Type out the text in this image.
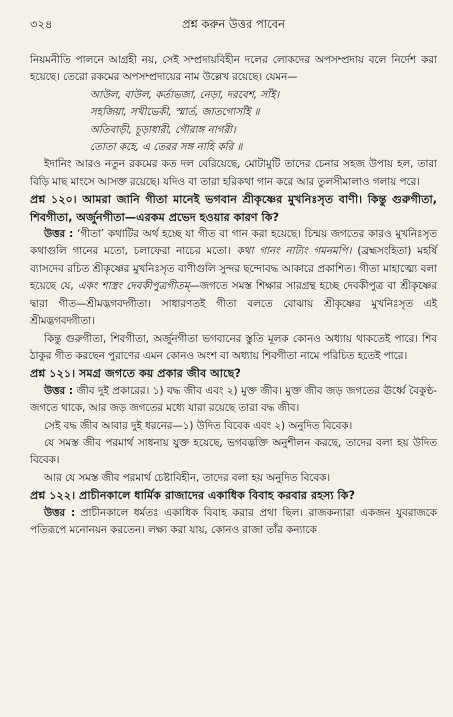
৩২৪	প্রশ্ন করুন উত্তর পাবেন

নিয়মনীতি পালনে আগ্রহী নয়, সেই সম্প্রদায়বিহীন দলের লোকদের অপসম্প্রদায় বলে নির্দেশ করা হয়েছে। তেরো রকমের অপসম্প্রদায়ের নাম উল্লেখ রয়েছে। যেমন—

আউল, বাউল, কর্তাভজা, নেড়া, দরবেশ, সাঁই।
সহজিয়া, সখীভেকী, স্মার্ত, জাতগোসাঁই ॥
অতিবাড়ী, চূড়াধারী, গৌরাঙ্গ নাগরী।
তোতা কহে, এ তেরর সঙ্গ নাহি করি ॥

ইদানিং আরও নতুন রকমের কত দল বেরিয়েছে, মোটামুটি তাদের চেনার সহজ উপায় হল, তারা বিড়ি মাছ মাংসে আসক্ত রয়েছে। যদিও বা তারা হরিকথা গান করে আর তুলসীমালাও গলায় পরে।

প্রশ্ন ১২০। আমরা জানি গীতা মানেই ভগবান শ্রীকৃষ্ণের মুখনিঃসৃত বাণী। কিন্তু গুরুগীতা, শিবগীতা, অর্জুনগীতা—এরকম প্রভেদ হওয়ার কারণ কি?

উত্তর : ‘গীতা’ কথাটির অর্থ হচ্ছে যা গীত বা গান করা হয়েছে। চিন্ময় জগতের কারও মুখনিঃসৃত কথাগুলি গানের মতো, চলাফেরা নাচের মতো। কথা গানং নাট্যং গমনমপি। (ব্রহ্মসংহিতা) মহর্ষি ব্যাসদেব রচিত শ্রীকৃষ্ণের মুখনিঃসৃত বাণীগুলি সুন্দর ছন্দোবদ্ধ আকারে প্রকাশিত। গীতা মাহাত্ম্যে বলা হয়েছে যে, একং শাস্ত্রং দেবকীপুত্রগীতম্—জগতে সমস্ত শিক্ষার সারগ্রন্থ হচ্ছে দেবকীপুত্র বা শ্রীকৃষ্ণের দ্বারা গীত—শ্রীমদ্ভগবদ্গীতা। সাধারণতই গীতা বলতে বোঝায় শ্রীকৃষ্ণের মুখনিঃসৃত এই শ্রীমদ্ভগবদ্গীতা।

কিন্তু গুরুগীতা, শিবগীতা, অর্জুনগীতা ভগবানের স্তুতি মূলক কোনও অধ্যায় থাকতেই পারে। শিব ঠাকুর গীত করছেন পুরাণের এমন কোনও অংশ বা অধ্যায় শিবগীতা নামে পরিচিত হতেই পারে।

প্রশ্ন ১২১। সমগ্র জগতে কয় প্রকার জীব আছে?

উত্তর : জীব দুই প্রকারের। ১) বদ্ধ জীব এবং ২) মুক্ত জীব। মুক্ত জীব জড় জগতের ঊর্ধ্বে বৈকুণ্ঠ-জগতে থাকে, আর জড় জগতের মধ্যে যারা রয়েছে তারা বদ্ধ জীব।

সেই বদ্ধ জীব আবার দুই ধরনের—১) উদিত বিবেক এবং ২) অনুদিত বিবেক।

যে সমস্ত জীব পরমার্থ সাধনায় যুক্ত হয়েছে, ভগবদ্ভক্তি অনুশীলন করছে, তাদের বলা হয় উদিত বিবেক।

আর যে সমস্ত জীব পরমার্থ চেষ্টাবিহীন, তাদের বলা হয় অনুদিত বিবেক।

প্রশ্ন ১২২। প্রাচীনকালে ধার্মিক রাজাদের একাধিক বিবাহ করবার রহস্য কি?

উত্তর : প্রাচীনকালে ধর্মতঃ একাধিক বিবাহ করার প্রথা ছিল। রাজকন্যারা একজন যুবরাজকে পতিরূপে মনোনয়ন করতেন। লক্ষ্য করা যায়, কোনও রাজা তাঁর কন্যাকে
